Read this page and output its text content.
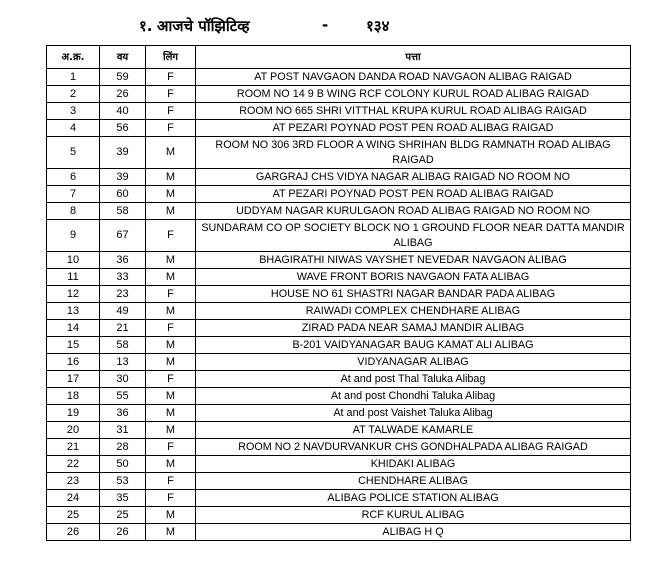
१. आजचे पॉझिटिव्ह	-	१३४
अ.क्र.	वय	लिंग	पत्ता
1	59	F	AT POST NAVGAON DANDA ROAD NAVGAON ALIBAG RAIGAD
2	26	F	ROOM NO 14 9 B WING RCF COLONY KURUL ROAD ALIBAG RAIGAD
3	40	F	ROOM NO 665 SHRI VITTHAL KRUPA KURUL ROAD ALIBAG RAIGAD
4	56	F	AT PEZARI POYNAD POST PEN ROAD ALIBAG RAIGAD
5	39	M	ROOM NO 306 3RD FLOOR A WING SHRIHAN BLDG RAMNATH ROAD ALIBAG RAIGAD
6	39	M	GARGRAJ CHS VIDYA NAGAR ALIBAG RAIGAD NO ROOM NO
7	60	M	AT PEZARI POYNAD POST PEN ROAD ALIBAG RAIGAD
8	58	M	UDDYAM NAGAR KURULGAON ROAD ALIBAG RAIGAD NO ROOM NO
9	67	F	SUNDARAM CO OP SOCIETY BLOCK NO 1 GROUND FLOOR NEAR DATTA MANDIR ALIBAG
10	36	M	BHAGIRATHI NIWAS VAYSHET NEVEDAR NAVGAON ALIBAG
11	33	M	WAVE FRONT BORIS NAVGAON FATA ALIBAG
12	23	F	HOUSE NO 61 SHASTRI NAGAR BANDAR PADA ALIBAG
13	49	M	RAIWADI COMPLEX CHENDHARE ALIBAG
14	21	F	ZIRAD PADA NEAR SAMAJ MANDIR ALIBAG
15	58	M	B-201 VAIDYANAGAR BAUG KAMAT ALI ALIBAG
16	13	M	VIDYANAGAR ALIBAG
17	30	F	At and post Thal Taluka Alibag
18	55	M	At and post Chondhi Taluka Alibag
19	36	M	At and post Vaishet Taluka Alibag
20	31	M	AT TALWADE KAMARLE
21	28	F	ROOM NO 2 NAVDURVANKUR CHS GONDHALPADA ALIBAG RAIGAD
22	50	M	KHIDAKI ALIBAG
23	53	F	CHENDHARE ALIBAG
24	35	F	ALIBAG POLICE STATION ALIBAG
25	25	M	RCF KURUL ALIBAG
26	26	M	ALIBAG H Q
